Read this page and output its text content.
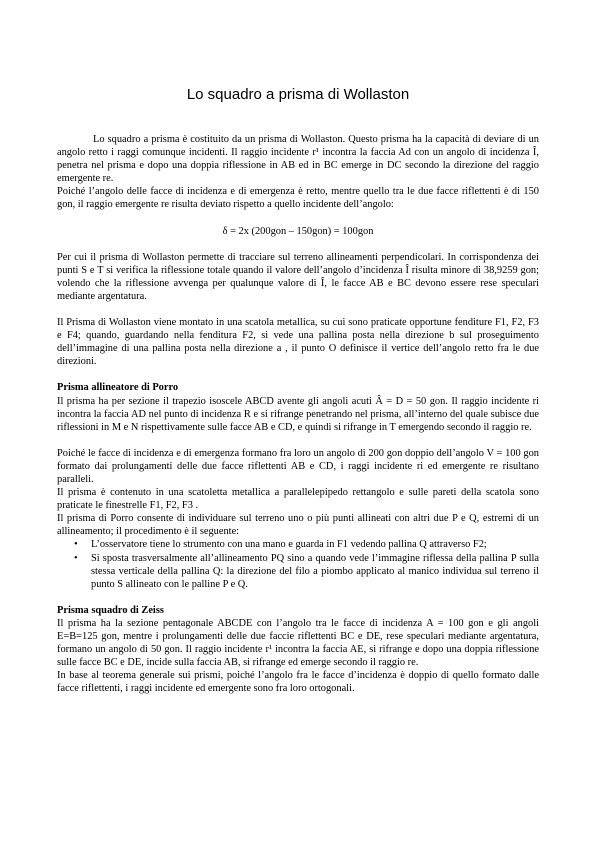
Lo squadro a prisma di Wollaston

Lo squadro a prisma è costituito da un prisma di Wollaston. Questo prisma ha la capacità di deviare di un angolo retto i raggi comunque incidenti. Il raggio incidente r¹ incontra la faccia Ad con un angolo di incidenza Î, penetra nel prisma e dopo una doppia riflessione in AB ed in BC emerge in DC secondo la direzione del raggio emergente re.

Poiché l’angolo delle facce di incidenza e di emergenza è retto, mentre quello tra le due facce riflettenti è di 150 gon, il raggio emergente re risulta deviato rispetto a quello incidente dell’angolo:

δ = 2x (200gon – 150gon) = 100gon

Per cui il prisma di Wollaston permette di tracciare sul terreno allineamenti perpendicolari. In corrispondenza dei punti S e T si verifica la riflessione totale quando il valore dell’angolo d’incidenza Î risulta minore di 38,9259 gon; volendo che la riflessione avvenga per qualunque valore di Î, le facce AB e BC devono essere rese speculari mediante argentatura.

Il Prisma di Wollaston viene montato in una scatola metallica, su cui sono praticate opportune fenditure F1, F2, F3 e F4; quando, guardando nella fenditura F2, si vede una pallina posta nella direzione b sul proseguimento dell’immagine di una pallina posta nella direzione a , il punto O definisce il vertice dell’angolo retto fra le due direzioni.

Prisma allineatore di Porro

Il prisma ha per sezione il trapezio isoscele ABCD avente gli angoli acuti Â = D = 50 gon. Il raggio incidente ri incontra la faccia AD nel punto di incidenza R e si rifrange penetrando nel prisma, all’interno del quale subisce due riflessioni in M e N rispettivamente sulle facce AB e CD, e quindi si rifrange in T emergendo secondo il raggio re.

Poiché le facce di incidenza e di emergenza formano fra loro un angolo di 200 gon doppio dell’angolo V = 100 gon formato dai prolungamenti delle due facce riflettenti AB e CD, i raggi incidente ri ed emergente re risultano paralleli.

Il prisma è contenuto in una scatoletta metallica a parallelepipedo rettangolo e sulle pareti della scatola sono praticate le finestrelle F1, F2, F3 .

Il prisma di Porro consente di individuare sul terreno uno o più punti allineati con altri due P e Q, estremi di un allineamento; il procedimento è il seguente:

• L’osservatore tiene lo strumento con una mano e guarda in F1 vedendo pallina Q attraverso F2;
• Si sposta trasversalmente all’allineamento PQ sino a quando vede l’immagine riflessa della pallina P sulla stessa verticale della pallina Q: la direzione del filo a piombo applicato al manico individua sul terreno il punto S allineato con le palline P e Q.

Prisma squadro di Zeiss

Il prisma ha la sezione pentagonale ABCDE con l’angolo tra le facce di incidenza A = 100 gon e gli angoli E=B=125 gon, mentre i prolungamenti delle due faccie riflettenti BC e DE, rese speculari mediante argentatura, formano un angolo di 50 gon. Il raggio incidente r¹ incontra la faccia AE, si rifrange e dopo una doppia riflessione sulle facce BC e DE, incide sulla faccia AB, si rifrange ed emerge secondo il raggio re.

In base al teorema generale sui prismi, poiché l’angolo fra le facce d’incidenza è doppio di quello formato dalle facce riflettenti, i raggi incidente ed emergente sono fra loro ortogonali.
